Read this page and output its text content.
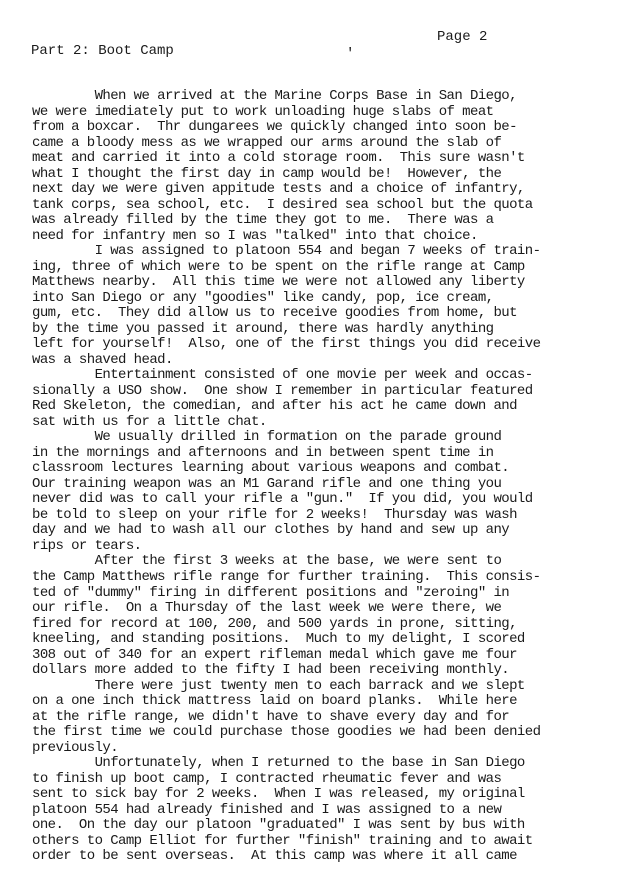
Page 2
Part 2: Boot Camp	'
When we arrived at the Marine Corps Base in San Diego,
we were imediately put to work unloading huge slabs of meat
from a boxcar.  Thr dungarees we quickly changed into soon be-
came a bloody mess as we wrapped our arms around the slab of
meat and carried it into a cold storage room.  This sure wasn't
what I thought the first day in camp would be!  However, the
next day we were given appitude tests and a choice of infantry,
tank corps, sea school, etc.  I desired sea school but the quota
was already filled by the time they got to me.  There was a
need for infantry men so I was "talked" into that choice.
I was assigned to platoon 554 and began 7 weeks of train-
ing, three of which were to be spent on the rifle range at Camp
Matthews nearby.  All this time we were not allowed any liberty
into San Diego or any "goodies" like candy, pop, ice cream,
gum, etc.  They did allow us to receive goodies from home, but
by the time you passed it around, there was hardly anything
left for yourself!  Also, one of the first things you did receive
was a shaved head.
Entertainment consisted of one movie per week and occas-
sionally a USO show.  One show I remember in particular featured
Red Skeleton, the comedian, and after his act he came down and
sat with us for a little chat.
We usually drilled in formation on the parade ground
in the mornings and afternoons and in between spent time in
classroom lectures learning about various weapons and combat.
Our training weapon was an M1 Garand rifle and one thing you
never did was to call your rifle a "gun."  If you did, you would
be told to sleep on your rifle for 2 weeks!  Thursday was wash
day and we had to wash all our clothes by hand and sew up any
rips or tears.
After the first 3 weeks at the base, we were sent to
the Camp Matthews rifle range for further training.  This consis-
ted of "dummy" firing in different positions and "zeroing" in
our rifle.  On a Thursday of the last week we were there, we
fired for record at 100, 200, and 500 yards in prone, sitting,
kneeling, and standing positions.  Much to my delight, I scored
308 out of 340 for an expert rifleman medal which gave me four
dollars more added to the fifty I had been receiving monthly.
There were just twenty men to each barrack and we slept
on a one inch thick mattress laid on board planks.  While here
at the rifle range, we didn't have to shave every day and for
the first time we could purchase those goodies we had been denied
previously.
Unfortunately, when I returned to the base in San Diego
to finish up boot camp, I contracted rheumatic fever and was
sent to sick bay for 2 weeks.  When I was released, my original
platoon 554 had already finished and I was assigned to a new
one.  On the day our platoon "graduated" I was sent by bus with
others to Camp Elliot for further "finish" training and to await
order to be sent overseas.  At this camp was where it all came
